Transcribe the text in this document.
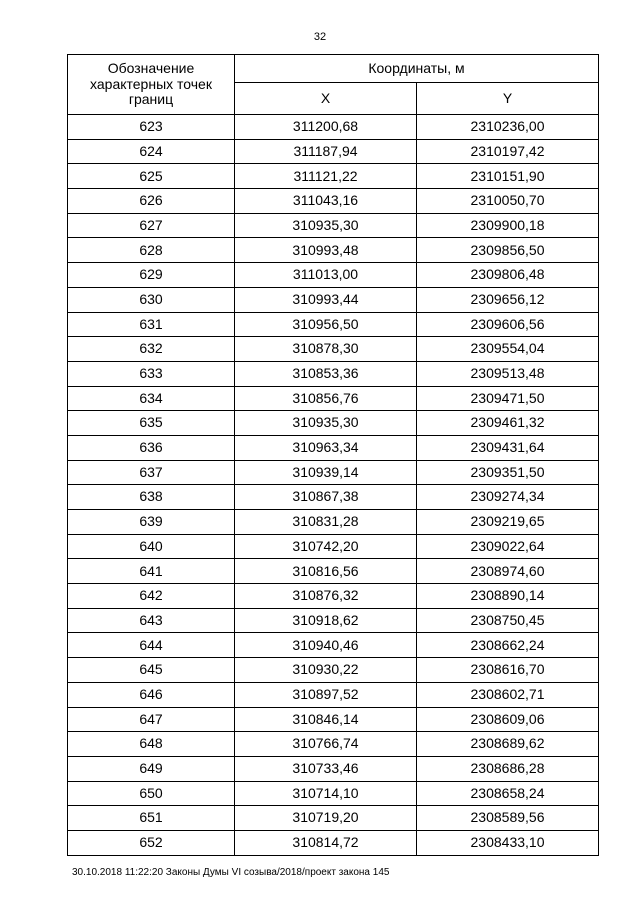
32
Обозначение характерных точек границ	Координаты, м	
	X	Y
623	311200,68	2310236,00
624	311187,94	2310197,42
625	311121,22	2310151,90
626	311043,16	2310050,70
627	310935,30	2309900,18
628	310993,48	2309856,50
629	311013,00	2309806,48
630	310993,44	2309656,12
631	310956,50	2309606,56
632	310878,30	2309554,04
633	310853,36	2309513,48
634	310856,76	2309471,50
635	310935,30	2309461,32
636	310963,34	2309431,64
637	310939,14	2309351,50
638	310867,38	2309274,34
639	310831,28	2309219,65
640	310742,20	2309022,64
641	310816,56	2308974,60
642	310876,32	2308890,14
643	310918,62	2308750,45
644	310940,46	2308662,24
645	310930,22	2308616,70
646	310897,52	2308602,71
647	310846,14	2308609,06
648	310766,74	2308689,62
649	310733,46	2308686,28
650	310714,10	2308658,24
651	310719,20	2308589,56
652	310814,72	2308433,10
30.10.2018 11:22:20 Законы Думы VI созыва/2018/проект закона 145
